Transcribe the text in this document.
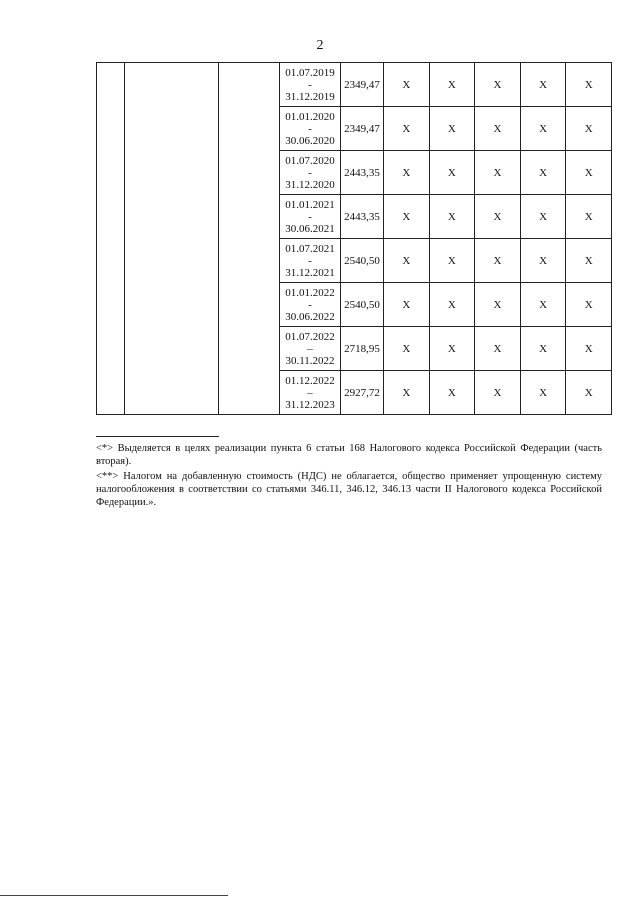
2

			01.07.2019
-
31.12.2019	2349,47	X	X	X	X	X

			01.01.2020
-
30.06.2020	2349,47	X	X	X	X	X

			01.07.2020
-
31.12.2020	2443,35	X	X	X	X	X

			01.01.2021
-
30.06.2021	2443,35	X	X	X	X	X

			01.07.2021
-
31.12.2021	2540,50	X	X	X	X	X

			01.01.2022
-
30.06.2022	2540,50	X	X	X	X	X

			01.07.2022
–
30.11.2022	2718,95	X	X	X	X	X

			01.12.2022
–
31.12.2023	2927,72	X	X	X	X	X

<*> Выделяется в целях реализации пункта 6 статьи 168 Налогового кодекса Российской Федерации (часть вторая).

<**> Налогом на добавленную стоимость (НДС) не облагается, общество применяет упрощенную систему налогообложения в соответствии со статьями 346.11, 346.12, 346.13 части II Налогового кодекса Российской Федерации.».
